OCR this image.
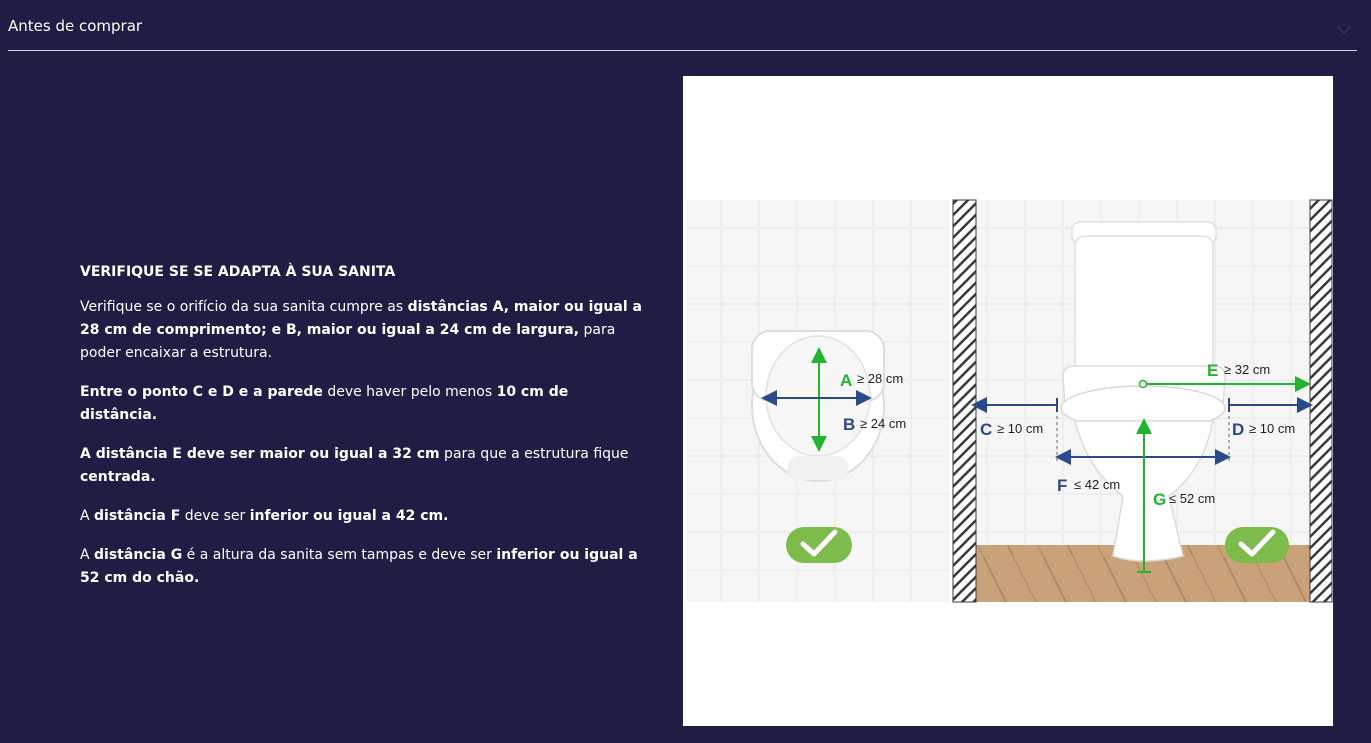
Antes de comprar
VERIFIQUE SE SE ADAPTA À SUA SANITA

Verifique se o orifício da sua sanita cumpre as distâncias A, maior ou igual a 28 cm de comprimento; e B, maior ou igual a 24 cm de largura, para poder encaixar a estrutura.

Entre o ponto C e D e a parede deve haver pelo menos 10 cm de distância.

A distância E deve ser maior ou igual a 32 cm para que a estrutura fique centrada.

A distância F deve ser inferior ou igual a 42 cm.

A distância G é a altura da sanita sem tampas e deve ser inferior ou igual a 52 cm do chão.

A ≥ 28 cm
B ≥ 24 cm	C ≥ 10 cm	D ≥ 10 cm
E ≥ 32 cm
F ≤ 42 cm
G ≤ 52 cm
